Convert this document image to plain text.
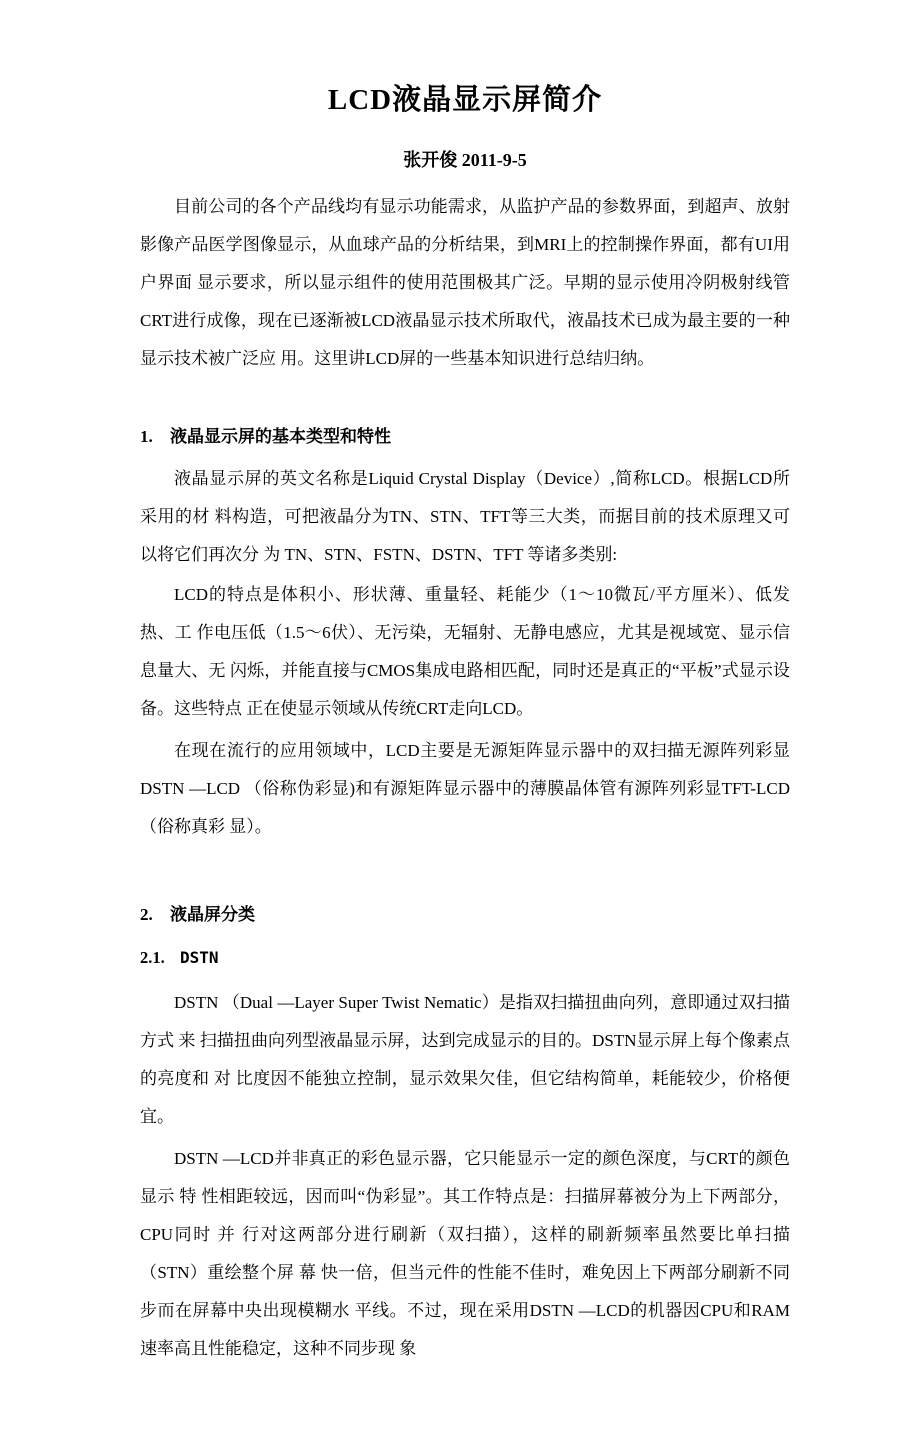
LCD液晶显示屏简介
张开俊 2011-9-5

目前公司的各个产品线均有显示功能需求，从监护产品的参数界面，到超声、放射影像产品医学图像显示，从血球产品的分析结果，到MRI上的控制操作界面，都有UI用户界面 显示要求，所以显示组件的使用范围极其广泛。早期的显示使用冷阴极射线管CRT进行成像，现在已逐渐被LCD液晶显示技术所取代，液晶技术已成为最主要的一种显示技术被广泛应 用。这里讲LCD屏的一些基本知识进行总结归纳。

1. 液晶显示屏的基本类型和特性

液晶显示屏的英文名称是Liquid Crystal Display（Device）,简称LCD。根据LCD所采用的材 料构造，可把液晶分为TN、STN、TFT等三大类，而据目前的技术原理又可以将它们再次分 为 TN、STN、FSTN、DSTN、TFT 等诸多类别:

LCD的特点是体积小、形状薄、重量轻、耗能少（1～10微瓦/平方厘米）、低发热、工 作电压低（1.5～6伏）、无污染，无辐射、无静电感应，尤其是视域宽、显示信息量大、无 闪烁，并能直接与CMOS集成电路相匹配，同时还是真正的“平板”式显示设备。这些特点 正在使显示领域从传统CRT走向LCD。

在现在流行的应用领域中，LCD主要是无源矩阵显示器中的双扫描无源阵列彩显DSTN —LCD （俗称伪彩显)和有源矩阵显示器中的薄膜晶体管有源阵列彩显TFT-LCD （俗称真彩 显）。

2. 液晶屏分类
2.1. DSTN

DSTN （Dual —Layer Super Twist Nematic）是指双扫描扭曲向列，意即通过双扫描方式 来 扫描扭曲向列型液晶显示屏，达到完成显示的目的。DSTN显示屏上每个像素点的亮度和 对 比度因不能独立控制，显示效果欠佳，但它结构简单，耗能较少，价格便宜。

DSTN —LCD并非真正的彩色显示器，它只能显示一定的颜色深度，与CRT的颜色显示 特 性相距较远，因而叫“伪彩显”。其工作特点是：扫描屏幕被分为上下两部分，CPU同时 并 行对这两部分进行刷新（双扫描），这样的刷新频率虽然要比单扫描（STN）重绘整个屏 幕 快一倍，但当元件的性能不佳时，难免因上下两部分刷新不同步而在屏幕中央出现模糊水 平线。不过，现在采用DSTN —LCD的机器因CPU和RAM速率高且性能稳定，这种不同步现 象
